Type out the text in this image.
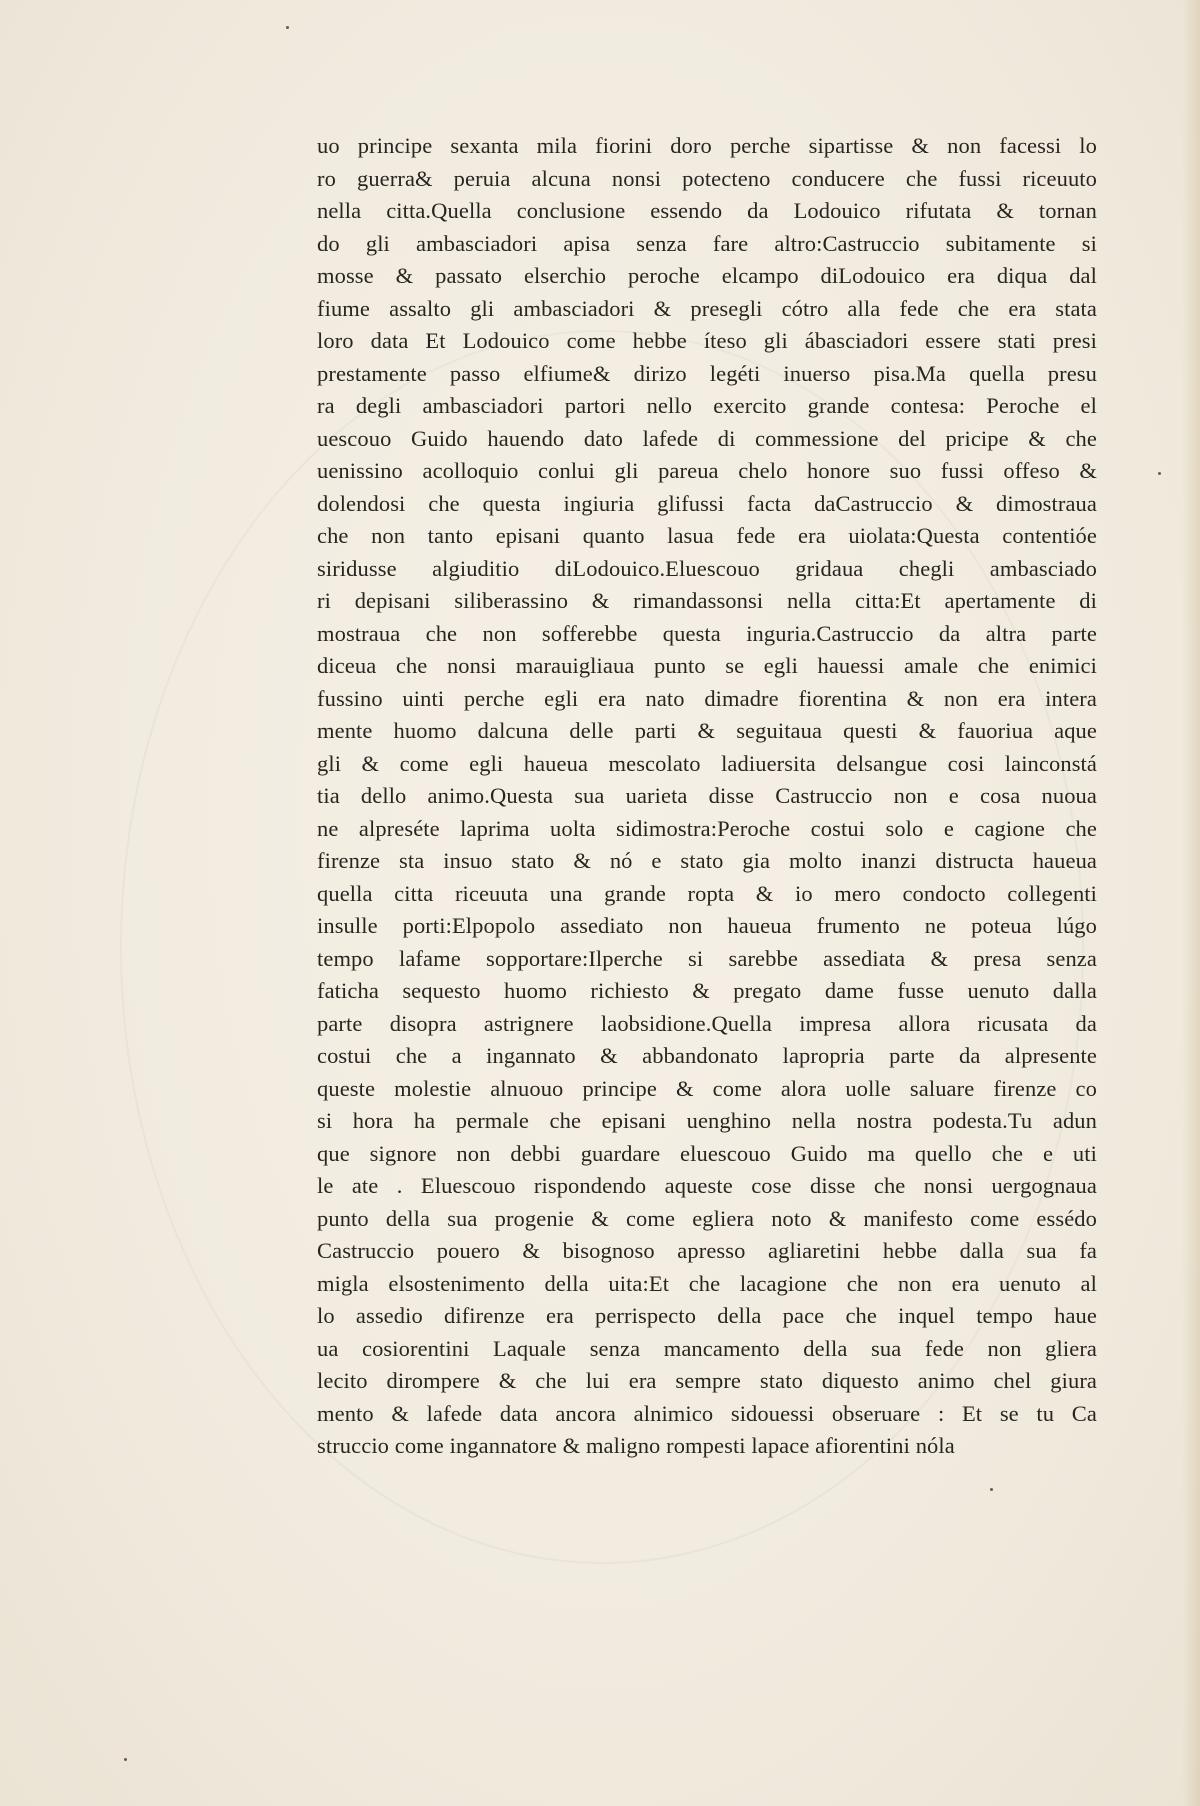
uo principe sexanta mila fiorini doro perche sipartisse & non facessi lo
ro guerra& peruia alcuna nonsi potecteno conducere che fussi riceuuto
nella citta.Quella conclusione essendo da Lodouico rifutata & tornan
do gli ambasciadori apisa senza fare altro:Castruccio subitamente si
mosse & passato elserchio peroche elcampo diLodouico era diqua dal
fiume assalto gli ambasciadori & presegli cótro alla fede che era stata
loro data Et Lodouico come hebbe íteso gli ábasciadori essere stati presi
prestamente passo elfiume& dirizo legéti inuerso pisa.Ma quella presu
ra degli ambasciadori partori nello exercito grande contesa: Peroche el
uescouo Guido hauendo dato lafede di commessione del pricipe & che
uenissino acolloquio conlui gli pareua chelo honore suo fussi offeso &
dolendosi che questa ingiuria glifussi facta daCastruccio & dimostraua
che non tanto episani quanto lasua fede era uiolata:Questa contentióe
siridusse algiuditio diLodouico.Eluescouo gridaua chegli ambasciado
ri depisani siliberassino & rimandassonsi nella citta:Et apertamente di
mostraua che non sofferebbe questa inguria.Castruccio da altra parte
diceua che nonsi marauigliaua punto se egli hauessi amale che enimici
fussino uinti perche egli era nato dimadre fiorentina & non era intera
mente huomo dalcuna delle parti & seguitaua questi & fauoriua aque
gli & come egli haueua mescolato ladiuersita delsangue cosi lainconstá
tia dello animo.Questa sua uarieta disse Castruccio non e cosa nuoua
ne alpreséte laprima uolta sidimostra:Peroche costui solo e cagione che
firenze sta insuo stato & nó e stato gia molto inanzi distructa haueua
quella citta riceuuta una grande ropta & io mero condocto collegenti
insulle porti:Elpopolo assediato non haueua frumento ne poteua lúgo
tempo lafame sopportare:Ilperche si sarebbe assediata & presa senza
faticha sequesto huomo richiesto & pregato dame fusse uenuto dalla
parte disopra astrignere laobsidione.Quella impresa allora ricusata da
costui che a ingannato & abbandonato lapropria parte da alpresente
queste molestie alnuouo principe & come alora uolle saluare firenze co
si hora ha permale che episani uenghino nella nostra podesta.Tu adun
que signore non debbi guardare eluescouo Guido ma quello che e uti
le ate . Eluescouo rispondendo aqueste cose disse che nonsi uergognaua
punto della sua progenie & come egliera noto & manifesto come essédo
Castruccio pouero & bisognoso apresso agliaretini hebbe dalla sua fa
migla elsostenimento della uita:Et che lacagione che non era uenuto al
lo assedio difirenze era perrispecto della pace che inquel tempo haue
ua cosiorentini Laquale senza mancamento della sua fede non gliera
lecito dirompere & che lui era sempre stato diquesto animo chel giura
mento & lafede data ancora alnimico sidouessi obseruare : Et se tu Ca
struccio come ingannatore & maligno rompesti lapace afiorentini nóla
